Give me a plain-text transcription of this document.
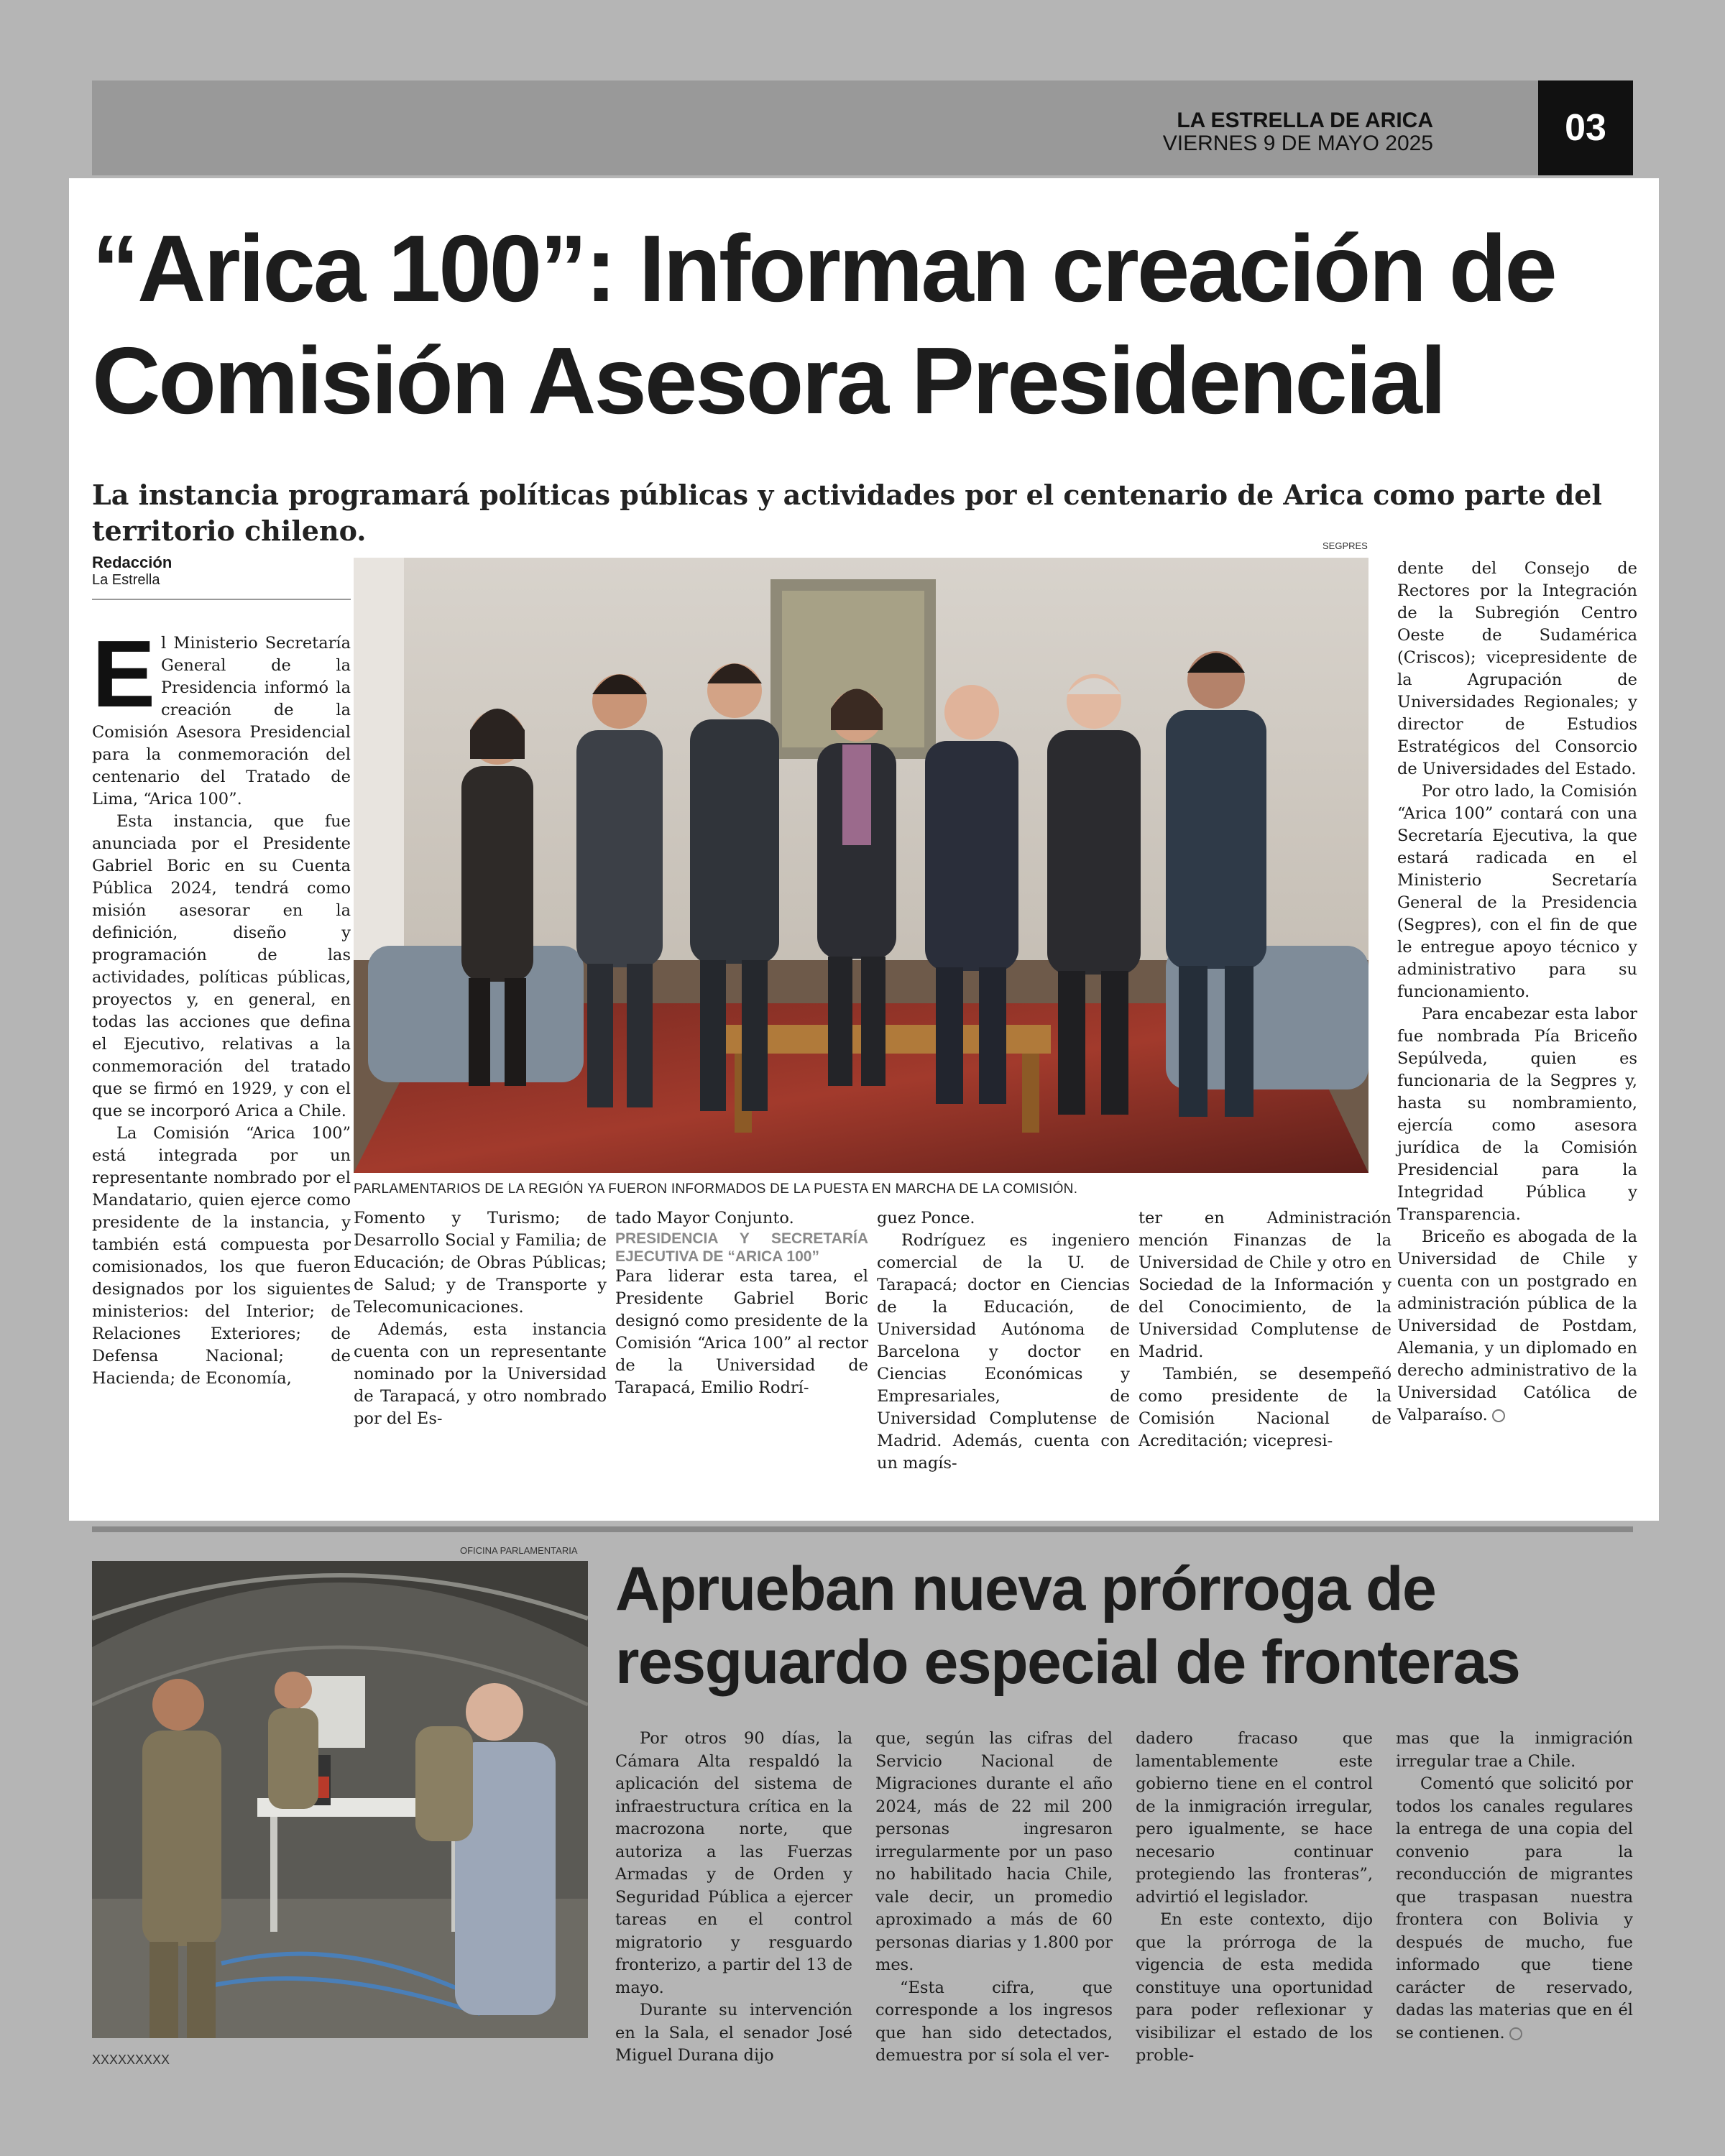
LA ESTRELLA DE ARICA
VIERNES 9 DE MAYO 2025	03
“Arica 100”: Informan creación de Comisión Asesora Presidencial

La instancia programará políticas públicas y actividades por el centenario de Arica como parte del territorio chileno.

Redacción
La Estrella

El Ministerio Secretaría General de la Presidencia informó la creación de la Comisión Asesora Presidencial para la conmemoración del centenario del Tratado de Lima, “Arica 100”.

Esta instancia, que fue anunciada por el Presidente Gabriel Boric en su Cuenta Pública 2024, tendrá como misión asesorar en la definición, diseño y programación de las actividades, políticas públicas, proyectos y, en general, en todas las acciones que defina el Ejecutivo, relativas a la conmemoración del tratado que se firmó en 1929, y con el que se incorporó Arica a Chile.

La Comisión “Arica 100” está integrada por un representante nombrado por el Mandatario, quien ejerce como presidente de la instancia, y también está compuesta por comisionados, los que fueron designados por los siguientes ministerios: del Interior; de Relaciones Exteriores; de Defensa Nacional; de Hacienda; de Economía,

SEGPRES
PARLAMENTARIOS DE LA REGIÓN YA FUERON INFORMADOS DE LA PUESTA EN MARCHA DE LA COMISIÓN.

Fomento y Turismo; de Desarrollo Social y Familia; de Educación; de Obras Públicas; de Salud; y de Transporte y Telecomunicaciones.

Además, esta instancia cuenta con un representante nominado por la Universidad de Tarapacá, y otro nombrado por del Es-

tado Mayor Conjunto.

PRESIDENCIA Y SECRETARÍA EJECUTIVA DE “ARICA 100”

Para liderar esta tarea, el Presidente Gabriel Boric designó como presidente de la Comisión “Arica 100” al rector de la Universidad de Tarapacá, Emilio Rodrí-

guez Ponce.

Rodríguez es ingeniero comercial de la U. de Tarapacá; doctor en Ciencias de la Educación, de Universidad Autónoma de Barcelona y doctor en Ciencias Económicas y Empresariales, de Universidad Complutense de Madrid. Además, cuenta con un magís-

ter en Administración mención Finanzas de la Universidad de Chile y otro en Sociedad de la Información y del Conocimiento, de la Universidad Complutense de Madrid.

También, se desempeñó como presidente de la Comisión Nacional de Acreditación; vicepresi-

dente del Consejo de Rectores por la Integración de la Subregión Centro Oeste de Sudamérica (Criscos); vicepresidente de la Agrupación de Universidades Regionales; y director de Estudios Estratégicos del Consorcio de Universidades del Estado.

Por otro lado, la Comisión “Arica 100” contará con una Secretaría Ejecutiva, la que estará radicada en el Ministerio Secretaría General de la Presidencia (Segpres), con el fin de que le entregue apoyo técnico y administrativo para su funcionamiento.

Para encabezar esta labor fue nombrada Pía Briceño Sepúlveda, quien es funcionaria de la Segpres y, hasta su nombramiento, ejercía como asesora jurídica de la Comisión Presidencial para la Integridad Pública y Transparencia.

Briceño es abogada de la Universidad de Chile y cuenta con un postgrado en administración pública de la Universidad de Postdam, Alemania, y un diplomado en derecho administrativo de la Universidad Católica de Valparaíso.

OFICINA PARLAMENTARIA
XXXXXXXXX
Aprueban nueva prórroga de resguardo especial de fronteras

Por otros 90 días, la Cámara Alta respaldó la aplicación del sistema de infraestructura crítica en la macrozona norte, que autoriza a las Fuerzas Armadas y de Orden y Seguridad Pública a ejercer tareas en el control migratorio y resguardo fronterizo, a partir del 13 de mayo.

Durante su intervención en la Sala, el senador José Miguel Durana dijo

que, según las cifras del Servicio Nacional de Migraciones durante el año 2024, más de 22 mil 200 personas ingresaron irregularmente por un paso no habilitado hacia Chile, vale decir, un promedio aproximado a más de 60 personas diarias y 1.800 por mes.

“Esta cifra, que corresponde a los ingresos que han sido detectados, demuestra por sí sola el ver-

dadero fracaso que lamentablemente este gobierno tiene en el control de la inmigración irregular, pero igualmente, se hace necesario continuar protegiendo las fronteras”, advirtió el legislador.

En este contexto, dijo que la prórroga de la vigencia de esta medida constituye una oportunidad para poder reflexionar y visibilizar el estado de los proble-

mas que la inmigración irregular trae a Chile.

Comentó que solicitó por todos los canales regulares la entrega de una copia del convenio para la reconducción de migrantes que traspasan nuestra frontera con Bolivia y después de mucho, fue informado que tiene carácter de reservado, dadas las materias que en él se contienen.
